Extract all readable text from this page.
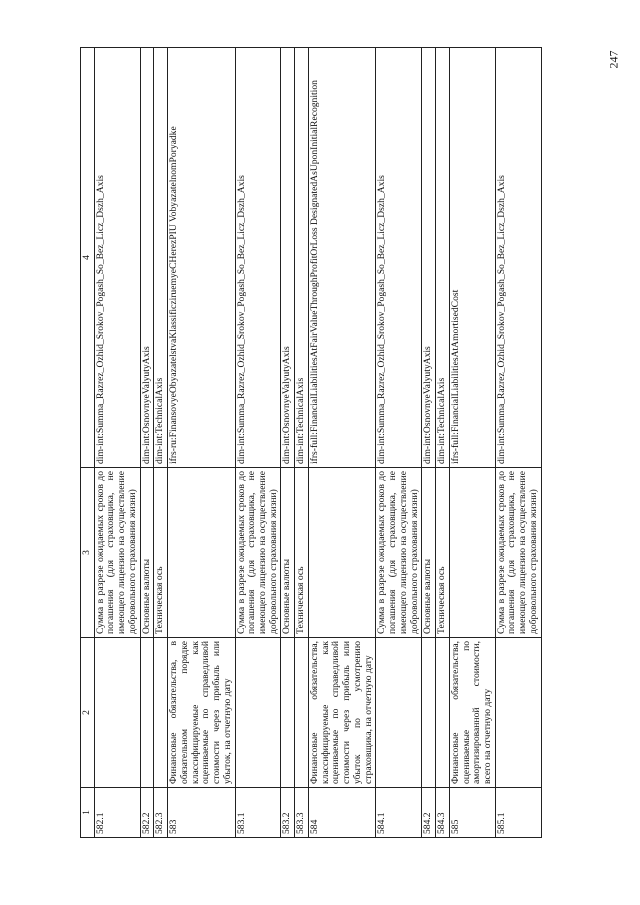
247
1	2	3	4
582.1		Сумма в разрезе ожидаемых сроков до погашения (для страховщика, не имеющего лицензию на осуществление добровольного страхования жизни)	dim-int:Summa_Razrez_Ozhid_Srokov_Pogash_So_Bez_Licz_Dszh_Axis
582.2		Основные валюты	dim-int:OsnovnyeValyutyAxis
582.3		Техническая ось	dim-int:TechnicalAxis
583	Финансовые обязательства, в обязательном порядке классифицируемые как оцениваемые по справедливой стоимости через прибыль или убыток, на отчетную дату		ifrs-ru:FinansovyeObyazatelstvaKlassificziruemyeCHerezPIU VobyazatelnomPoryadke
583.1		Сумма в разрезе ожидаемых сроков до погашения (для страховщика, не имеющего лицензию на осуществление добровольного страхования жизни)	dim-int:Summa_Razrez_Ozhid_Srokov_Pogash_So_Bez_Licz_Dszh_Axis
583.2		Основные валюты	dim-int:OsnovnyeValyutyAxis
583.3		Техническая ось	dim-int:TechnicalAxis
584	Финансовые обязательства, классифицируемые как оцениваемые по справедливой стоимости через прибыль или убыток по усмотрению страховщика, на отчетную дату		ifrs-full:FinancialLiabilitiesAtFairValueThroughProfitOrLoss DesignatedAsUponInitialRecognition
584.1		Сумма в разрезе ожидаемых сроков до погашения (для страховщика, не имеющего лицензию на осуществление добровольного страхования жизни)	dim-int:Summa_Razrez_Ozhid_Srokov_Pogash_So_Bez_Licz_Dszh_Axis
584.2		Основные валюты	dim-int:OsnovnyeValyutyAxis
584.3		Техническая ось	dim-int:TechnicalAxis
585	Финансовые обязательства, оцениваемые по амортизированной стоимости, всего на отчетную дату		ifrs-full:FinancialLiabilitiesAtAmortisedCost
585.1		Сумма в разрезе ожидаемых сроков до погашения (для страховщика, не имеющего лицензию на осуществление добровольного страхования жизни)	dim-int:Summa_Razrez_Ozhid_Srokov_Pogash_So_Bez_Licz_Dszh_Axis
